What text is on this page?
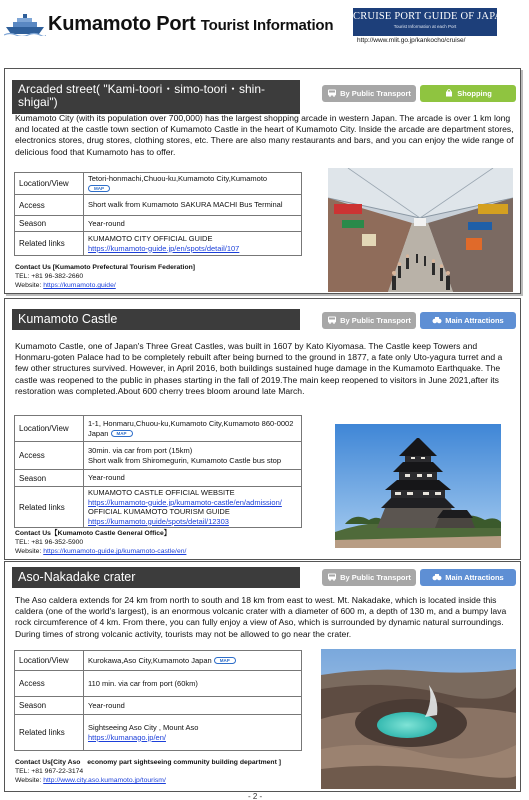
Kumamoto Port Tourist Information
CRUISE PORT GUIDE OF JAPAN
Tourist Information at each Port
http://www.mlit.go.jp/kankocho/cruise/
Arcaded street( "Kami-toori・simo-toori・shin-shigai")
By Public Transport	Shopping
Kumamoto City (with its population over 700,000) has the largest shopping arcade in western Japan. The arcade is over 1 km long and located at the castle town section of Kumamoto Castle in the heart of Kumamoto City. Inside the arcade are department stores, electronics stores, drug stores, clothing stores, etc. There are also many restaurants and bars, and you can enjoy the wide range of delicious food that Kumamoto has to offer.
Location/View	Tetori-honmachi,Chuou-ku,Kumamoto City,Kumamoto
MAP
Access	Short walk from Kumamoto SAKURA MACHI Bus Terminal
Season	Year-round
Related links	KUMAMOTO CITY OFFICIAL GUIDE
https://kumamoto-guide.jp/en/spots/detail/107
Contact Us [Kumamoto Prefectural Tourism Federation]
TEL: +81 96-382-2660
Website: https://kumamoto.guide/
Kumamoto Castle	By Public Transport	Main Attractions
Kumamoto Castle, one of Japan's Three Great Castles, was built in 1607 by Kato Kiyomasa. The Castle keep Towers and Honmaru-goten Palace had to be completely rebuilt after being burned to the ground in 1877, a fate only Uto-yagura turret and a few other structures survived. However, in April 2016, both buildings sustained huge damage in the Kumamoto Earthquake. The castle was reopened to the public in phases starting in the fall of 2019.The main keep reopened to visitors in June 2021,after its restoration was completed.About 600 cherry trees bloom around late March.
Location/View	1-1, Honmaru,Chuou-ku,Kumamoto City,Kumamoto 860-0002 Japan MAP
Access	30min. via car from port (15km)
Short walk from Shiromegurin, Kumamoto Castle bus stop
Season	Year-round
Related links	KUMAMOTO CASTLE OFFICIAL WEBSITE
https://kumamoto-guide.jp/kumamoto-castle/en/admission/
OFFICIAL KUMAMOTO TOURISM GUIDE
https://kumamoto.guide/spots/detail/12303
Contact Us【Kumamoto Castle General Office】
TEL: +81 96-352-5900
Website: https://kumamoto-guide.jp/kumamoto-castle/en/
Aso-Nakadake crater	By Public Transport	Main Attractions
The Aso caldera extends for 24 km from north to south and 18 km from east to west. Mt. Nakadake, which is located inside this caldera (one of the world's largest), is an enormous volcanic crater with a diameter of 600 m, a depth of 130 m, and a bumpy lava rock circumference of 4 km. From there, you can fully enjoy a view of Aso, which is surrounded by dynamic natural surroundings. During times of strong volcanic activity, tourists may not be allowed to go near the crater.
Location/View	Kurokawa,Aso City,Kumamoto Japan MAP
Access	110 min. via car from port (60km)
Season	Year-round
Related links	Sightseeing Aso City , Mount Aso
https://kumanago.jp/en/
Contact Us[City Aso　economy part sightseeing community building department ]
TEL: +81 967-22-3174
Website: http://www.city.aso.kumamoto.jp/tourism/
- 2 -
